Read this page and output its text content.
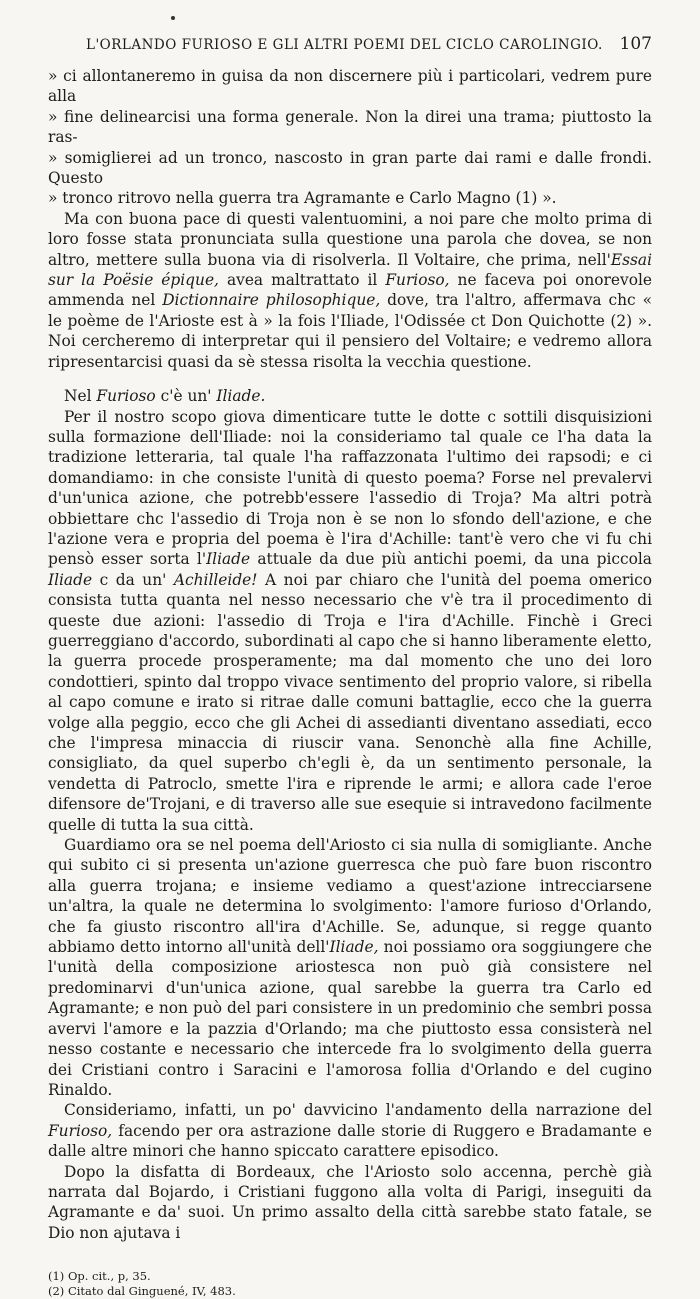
L'ORLANDO FURIOSO E GLI ALTRI POEMI DEL CICLO CAROLINGIO. 107

» ci allontaneremo in guisa da non discernere più i particolari, vedrem pure alla

» fine delinearcisi una forma generale. Non la direi una trama; piuttosto la ras-

» somiglierei ad un tronco, nascosto in gran parte dai rami e dalle frondi. Questo

» tronco ritrovo nella guerra tra Agramante e Carlo Magno (1) ».

Ma con buona pace di questi valentuomini, a noi pare che molto prima di loro fosse stata pronunciata sulla questione una parola che dovea, se non altro, mettere sulla buona via di risolverla. Il Voltaire, che prima, nell'Essai sur la Poësie épique, avea maltrattato il Furioso, ne faceva poi onorevole ammenda nel Dictionnaire philosophique, dove, tra l'altro, affermava chc « le poème de l'Arioste est à » la fois l'Iliade, l'Odissée ct Don Quichotte (2) ». Noi cercheremo di interpretar qui il pensiero del Voltaire; e vedremo allora ripresentarcisi quasi da sè stessa risolta la vecchia questione.

Nel Furioso c'è un' Iliade.

Per il nostro scopo giova dimenticare tutte le dotte c sottili disquisizioni sulla formazione dell'Iliade: noi la consideriamo tal quale ce l'ha data la tradizione letteraria, tal quale l'ha raffazzonata l'ultimo dei rapsodi; e ci domandiamo: in che consiste l'unità di questo poema? Forse nel prevalervi d'un'unica azione, che potrebb'essere l'assedio di Troja? Ma altri potrà obbiettare chc l'assedio di Troja non è se non lo sfondo dell'azione, e che l'azione vera e propria del poema è l'ira d'Achille: tant'è vero che vi fu chi pensò esser sorta l'Iliade attuale da due più antichi poemi, da una piccola Iliade c da un' Achilleide! A noi par chiaro che l'unità del poema omerico consista tutta quanta nel nesso necessario che v'è tra il procedimento di queste due azioni: l'assedio di Troja e l'ira d'Achille. Finchè i Greci guerreggiano d'accordo, subordinati al capo che si hanno liberamente eletto, la guerra procede prosperamente; ma dal momento che uno dei loro condottieri, spinto dal troppo vivace sentimento del proprio valore, si ribella al capo comune e irato si ritrae dalle comuni battaglie, ecco che la guerra volge alla peggio, ecco che gli Achei di assedianti diventano assediati, ecco che l'impresa minaccia di riuscir vana. Senonchè alla fine Achille, consigliato, da quel superbo ch'egli è, da un sentimento personale, la vendetta di Patroclo, smette l'ira e riprende le armi; e allora cade l'eroe difensore de'Trojani, e di traverso alle sue esequie si intravedono facilmente quelle di tutta la sua città.

Guardiamo ora se nel poema dell'Ariosto ci sia nulla di somigliante. Anche qui subito ci si presenta un'azione guerresca che può fare buon riscontro alla guerra trojana; e insieme vediamo a quest'azione intrecciarsene un'altra, la quale ne determina lo svolgimento: l'amore furioso d'Orlando, che fa giusto riscontro all'ira d'Achille. Se, adunque, si regge quanto abbiamo detto intorno all'unità dell'Iliade, noi possiamo ora soggiungere che l'unità della composizione ariostesca non può già consistere nel predominarvi d'un'unica azione, qual sarebbe la guerra tra Carlo ed Agramante; e non può del pari consistere in un predominio che sembri possa avervi l'amore e la pazzia d'Orlando; ma che piuttosto essa consisterà nel nesso costante e necessario che intercede fra lo svolgimento della guerra dei Cristiani contro i Saracini e l'amorosa follia d'Orlando e del cugino Rinaldo.

Consideriamo, infatti, un po' davvicino l'andamento della narrazione del Furioso, facendo per ora astrazione dalle storie di Ruggero e Bradamante e dalle altre minori che hanno spiccato carattere episodico.

Dopo la disfatta di Bordeaux, che l'Ariosto solo accenna, perchè già narrata dal Bojardo, i Cristiani fuggono alla volta di Parigi, inseguiti da Agramante e da' suoi. Un primo assalto della città sarebbe stato fatale, se Dio non ajutava i

(1) Op. cit., p, 35.

(2) Citato dal Ginguené, IV, 483.
